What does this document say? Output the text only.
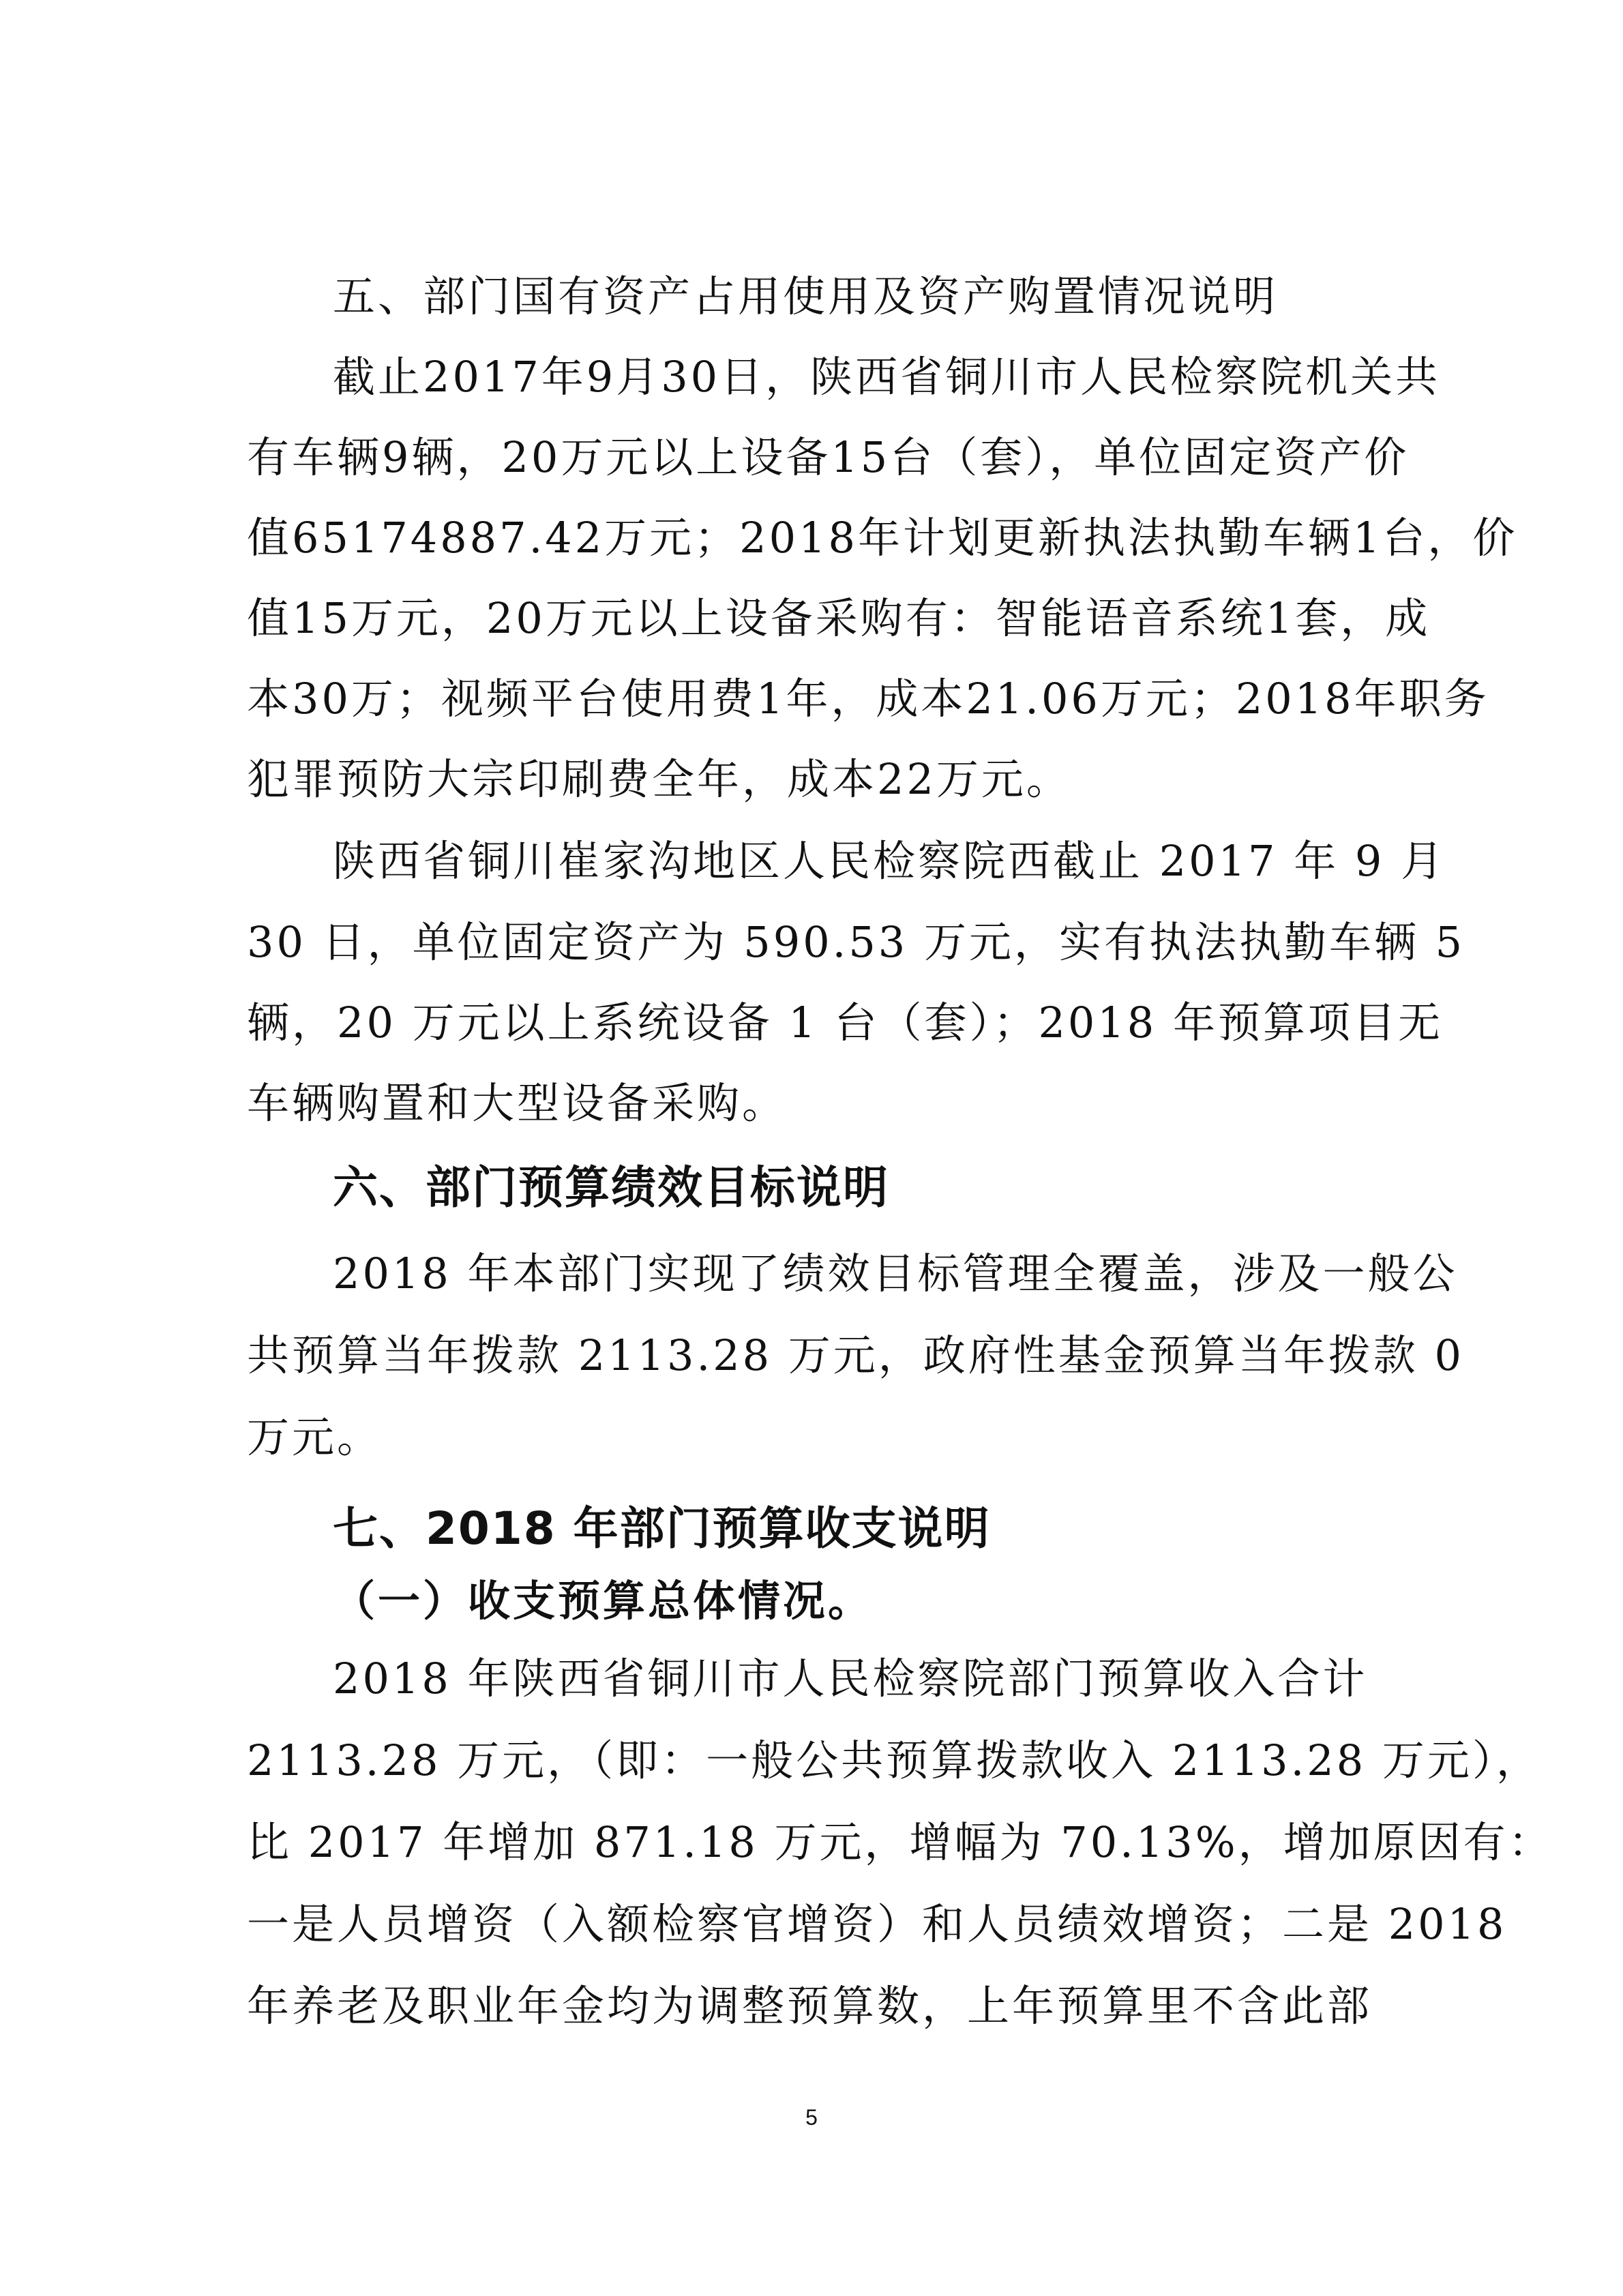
五、部门国有资产占用使用及资产购置情况说明
截止2017年9月30日，陕西省铜川市人民检察院机关共
有车辆9辆，20万元以上设备15台（套），单位固定资产价
值65174887.42万元；2018年计划更新执法执勤车辆1台，价
值15万元，20万元以上设备采购有：智能语音系统1套，成
本30万；视频平台使用费1年，成本21.06万元；2018年职务
犯罪预防大宗印刷费全年，成本22万元。
陕西省铜川崔家沟地区人民检察院西截止 2017 年 9 月
30 日，单位固定资产为 590.53 万元，实有执法执勤车辆 5
辆，20 万元以上系统设备 1 台（套）；2018 年预算项目无
车辆购置和大型设备采购。
六、部门预算绩效目标说明
2018 年本部门实现了绩效目标管理全覆盖，涉及一般公
共预算当年拨款 2113.28 万元，政府性基金预算当年拨款 0
万元。
七、2018 年部门预算收支说明
（一）收支预算总体情况。
2018 年陕西省铜川市人民检察院部门预算收入合计
2113.28 万元，（即：一般公共预算拨款收入 2113.28 万元），
比 2017 年增加 871.18 万元，增幅为 70.13%，增加原因有：
一是人员增资（入额检察官增资）和人员绩效增资；二是 2018
年养老及职业年金均为调整预算数，上年预算里不含此部
5
